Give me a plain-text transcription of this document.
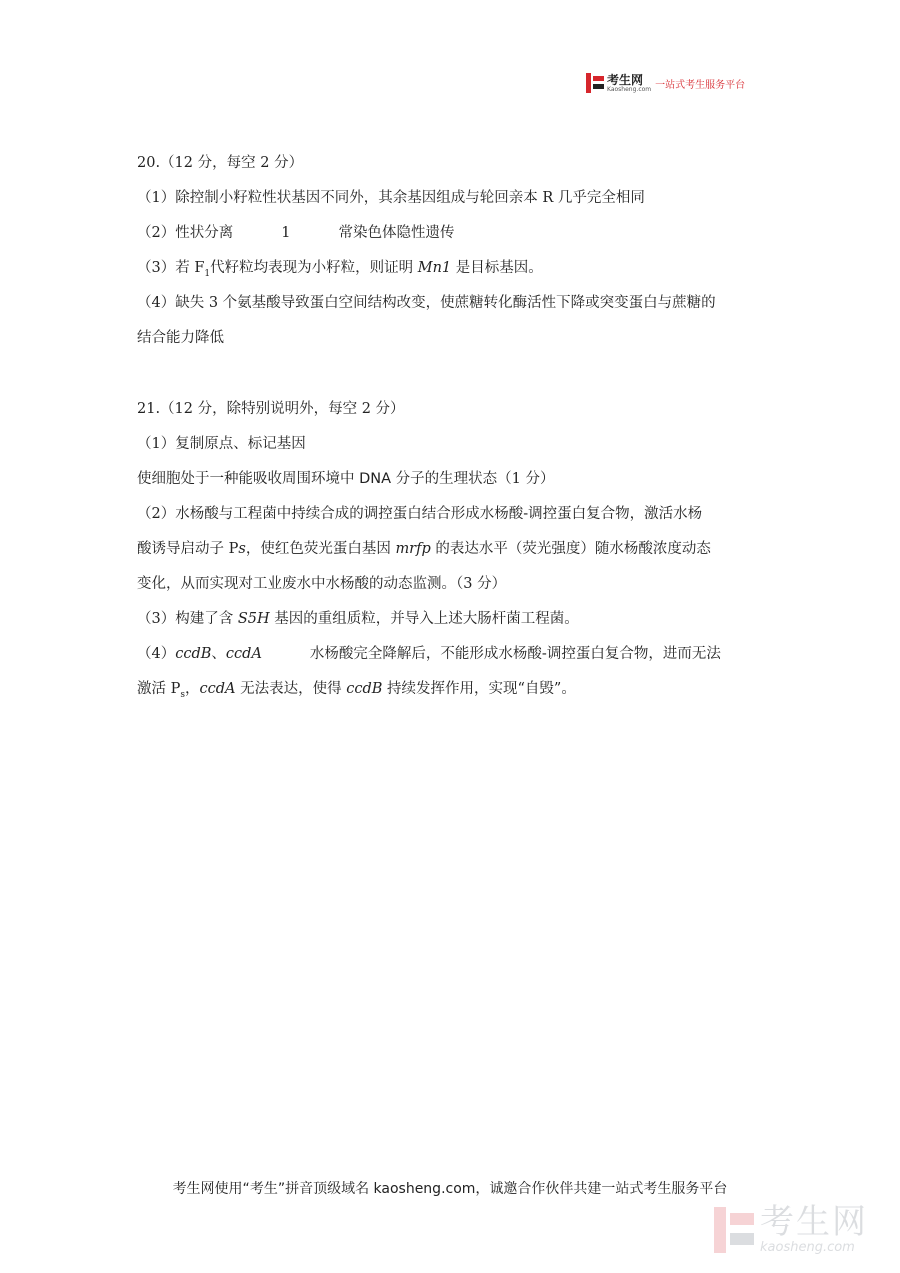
考生网
Kaosheng.com 一站式考生服务平台
20.（12 分，每空 2 分）
（1）除控制小籽粒性状基因不同外，其余基因组成与轮回亲本 R 几乎完全相同
（2）性状分离	1	常染色体隐性遗传
（3）若 $F_1$代籽粒均表现为小籽粒，则证明 Mn1 是目标基因。
（4）缺失 3 个氨基酸导致蛋白空间结构改变，使蔗糖转化酶活性下降或突变蛋白与蔗糖的
结合能力降低
21.（12 分，除特别说明外，每空 2 分）
（1）复制原点、标记基因
使细胞处于一种能吸收周围环境中 DNA 分子的生理状态（1 分）
（2）水杨酸与工程菌中持续合成的调控蛋白结合形成水杨酸-调控蛋白复合物，激活水杨
酸诱导启动子 Ps，使红色荧光蛋白基因 mrfp 的表达水平（荧光强度）随水杨酸浓度动态
变化，从而实现对工业废水中水杨酸的动态监测。（3 分）
（3）构建了含 S5H 基因的重组质粒，并导入上述大肠杆菌工程菌。
（4）ccdB、ccdA	水杨酸完全降解后，不能形成水杨酸-调控蛋白复合物，进而无法
激活 $P_s$，ccdA 无法表达，使得 ccdB 持续发挥作用，实现“自毁”。
考生网使用“考生”拼音顶级域名 kaosheng.com，诚邀合作伙伴共建一站式考生服务平台
考生网
kaosheng.com
